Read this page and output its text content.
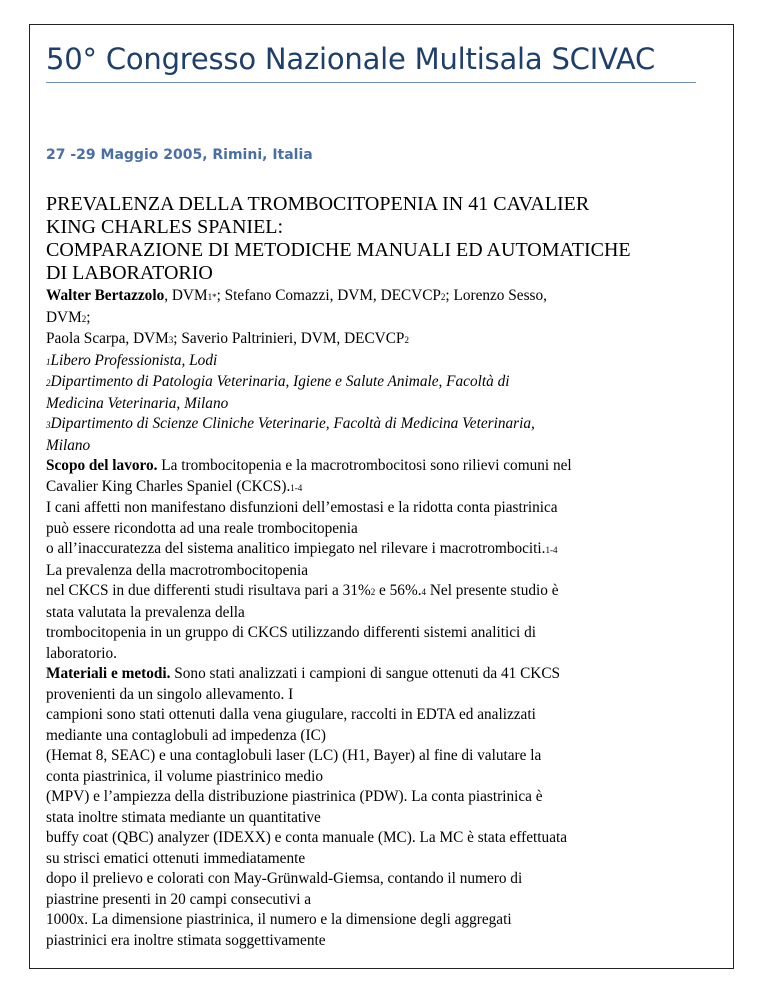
50° Congresso Nazionale Multisala SCIVAC
27 -29 Maggio 2005, Rimini, Italia
PREVALENZA DELLA TROMBOCITOPENIA IN 41 CAVALIER
KING CHARLES SPANIEL:
COMPARAZIONE DI METODICHE MANUALI ED AUTOMATICHE
DI LABORATORIO
Walter Bertazzolo, DVM1*; Stefano Comazzi, DVM, DECVCP2; Lorenzo Sesso,
DVM2;
Paola Scarpa, DVM3; Saverio Paltrinieri, DVM, DECVCP2
1Libero Professionista, Lodi
2Dipartimento di Patologia Veterinaria, Igiene e Salute Animale, Facoltà di
Medicina Veterinaria, Milano
3Dipartimento di Scienze Cliniche Veterinarie, Facoltà di Medicina Veterinaria,
Milano
Scopo del lavoro. La trombocitopenia e la macrotrombocitosi sono rilievi comuni nel
Cavalier King Charles Spaniel (CKCS).1-4
I cani affetti non manifestano disfunzioni dell’emostasi e la ridotta conta piastrinica
può essere ricondotta ad una reale trombocitopenia
o all’inaccuratezza del sistema analitico impiegato nel rilevare i macrotrombociti.1-4
La prevalenza della macrotrombocitopenia
nel CKCS in due differenti studi risultava pari a 31%2 e 56%.4 Nel presente studio è
stata valutata la prevalenza della
trombocitopenia in un gruppo di CKCS utilizzando differenti sistemi analitici di
laboratorio.
Materiali e metodi. Sono stati analizzati i campioni di sangue ottenuti da 41 CKCS
provenienti da un singolo allevamento. I
campioni sono stati ottenuti dalla vena giugulare, raccolti in EDTA ed analizzati
mediante una contaglobuli ad impedenza (IC)
(Hemat 8, SEAC) e una contaglobuli laser (LC) (H1, Bayer) al fine di valutare la
conta piastrinica, il volume piastrinico medio
(MPV) e l’ampiezza della distribuzione piastrinica (PDW). La conta piastrinica è
stata inoltre stimata mediante un quantitative
buffy coat (QBC) analyzer (IDEXX) e conta manuale (MC). La MC è stata effettuata
su strisci ematici ottenuti immediatamente
dopo il prelievo e colorati con May-Grünwald-Giemsa, contando il numero di
piastrine presenti in 20 campi consecutivi a
1000x. La dimensione piastrinica, il numero e la dimensione degli aggregati
piastrinici era inoltre stimata soggettivamente
